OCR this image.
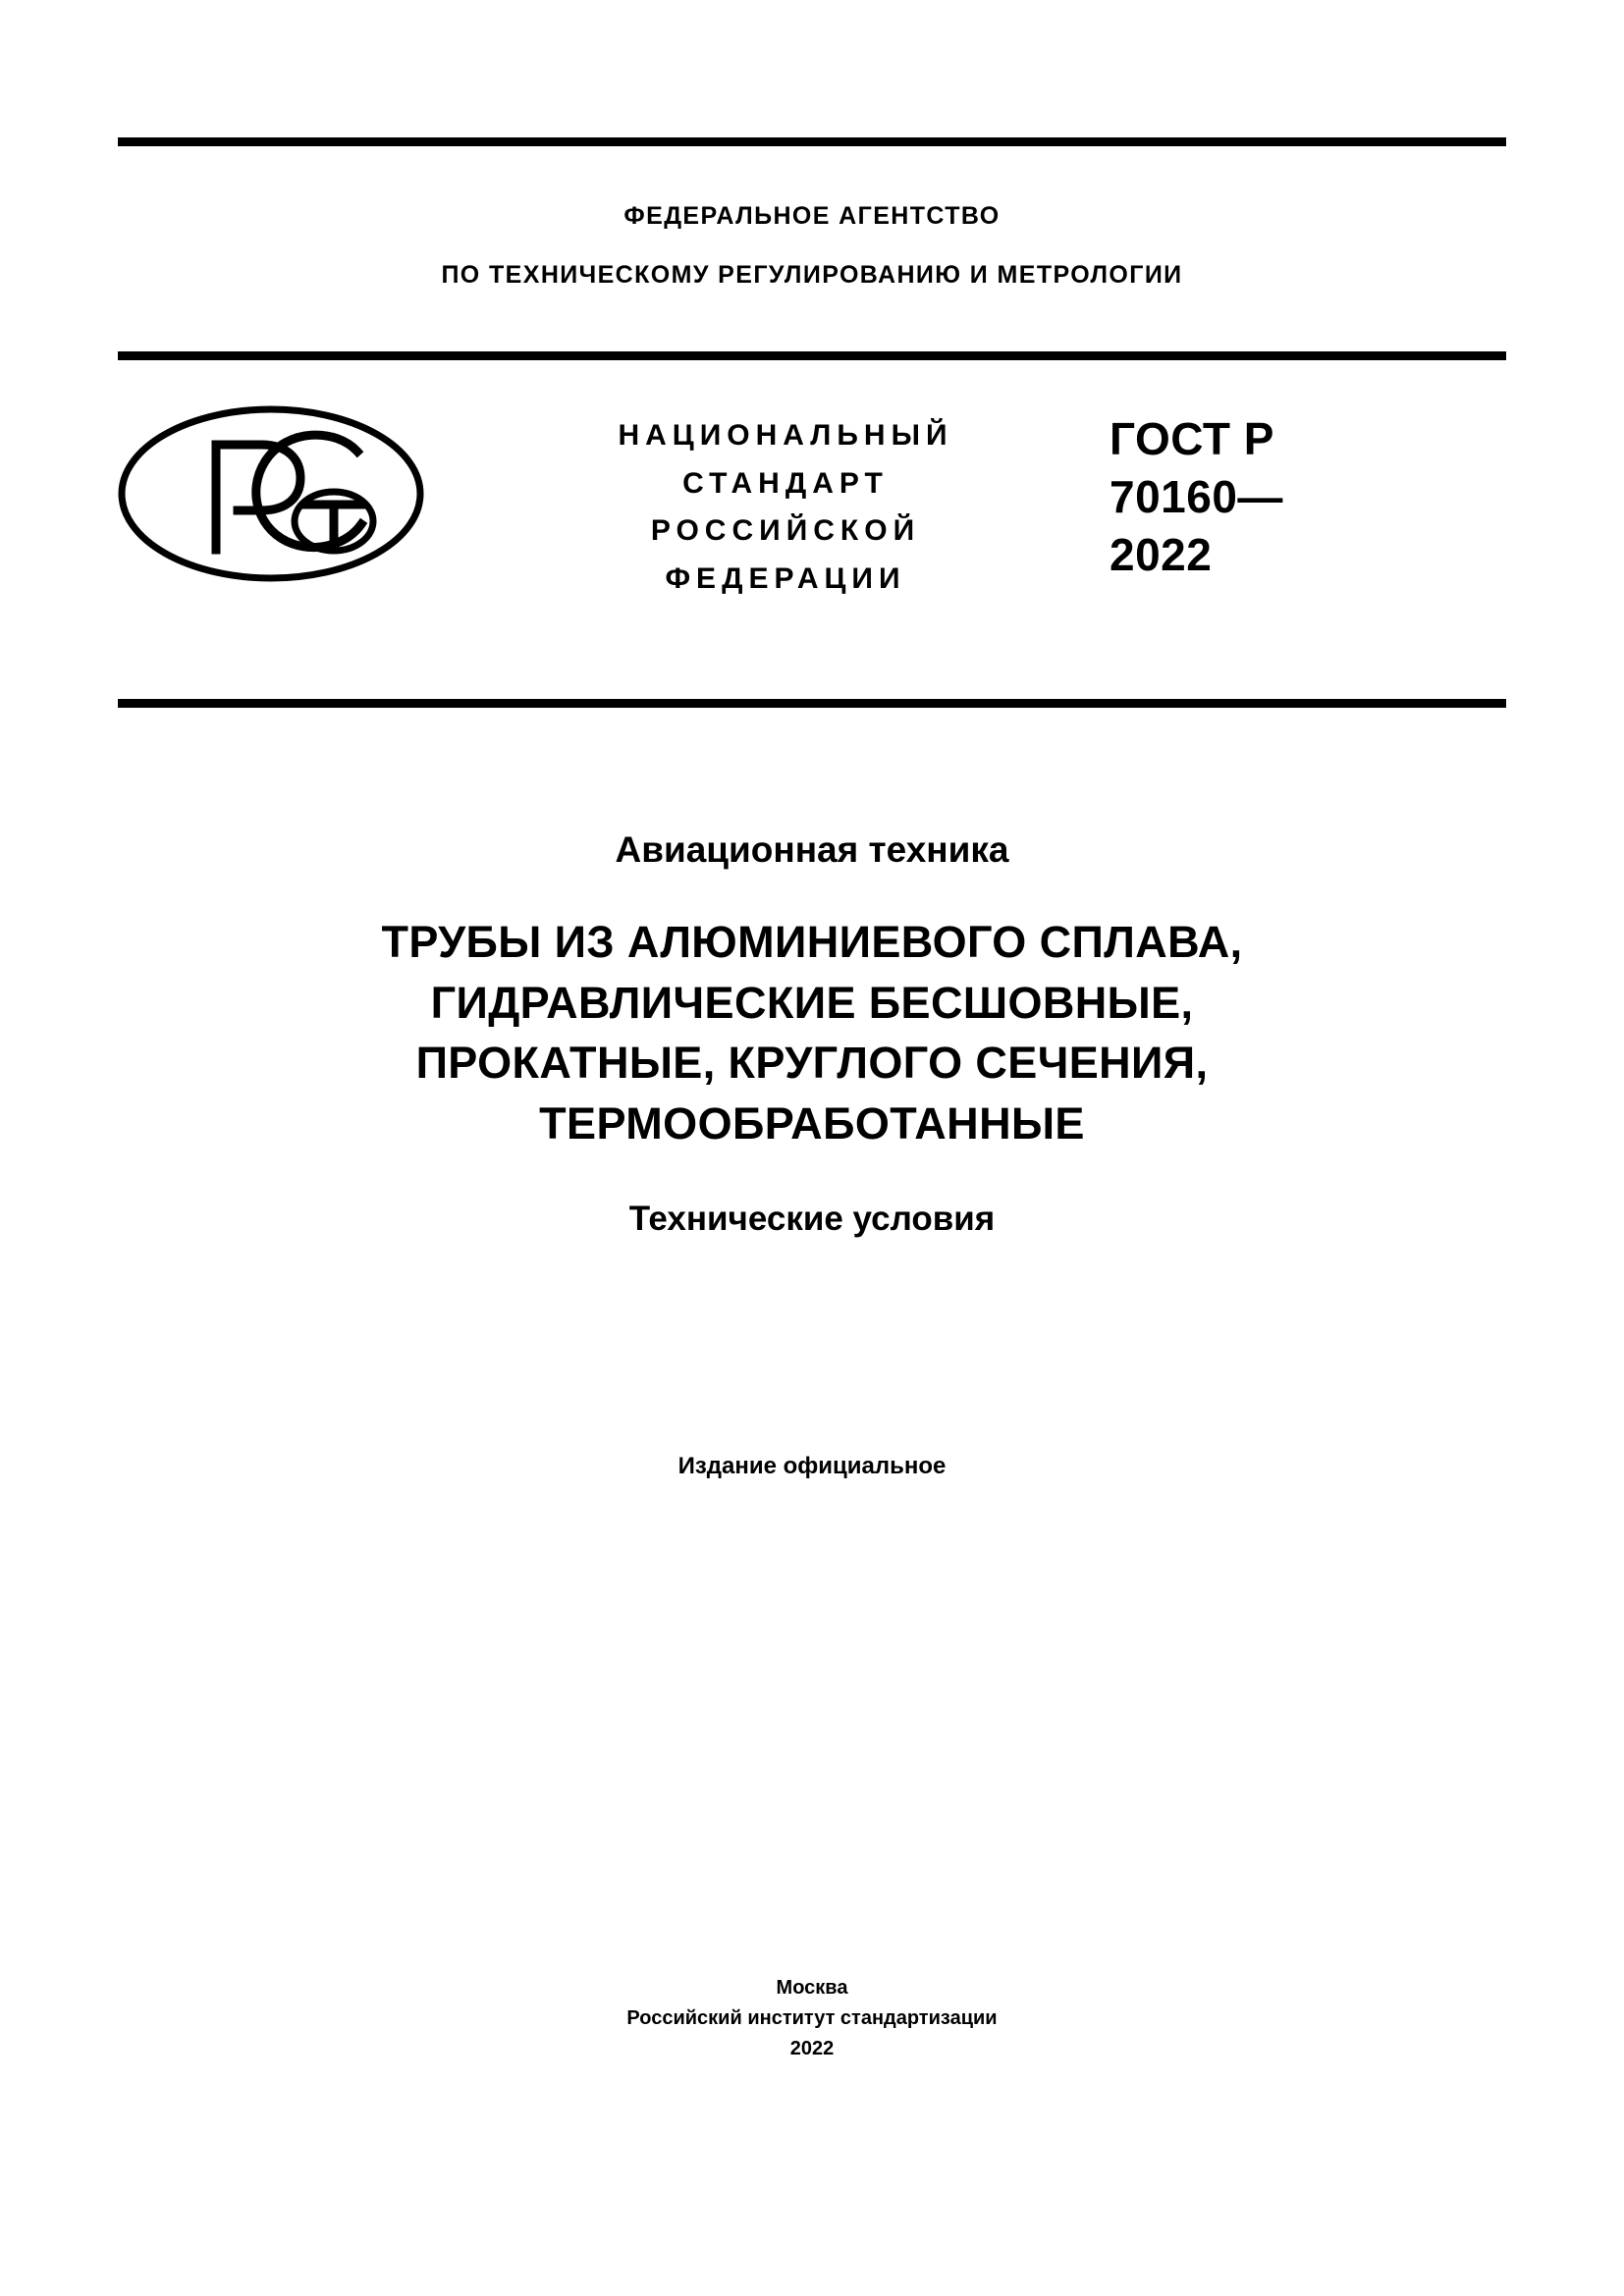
ФЕДЕРАЛЬНОЕ АГЕНТСТВО
ПО ТЕХНИЧЕСКОМУ РЕГУЛИРОВАНИЮ И МЕТРОЛОГИИ
НАЦИОНАЛЬНЫЙ
СТАНДАРТ
РОССИЙСКОЙ
ФЕДЕРАЦИИ
ГОСТ Р
70160—
2022
Авиационная техника
ТРУБЫ ИЗ АЛЮМИНИЕВОГО СПЛАВА,
ГИДРАВЛИЧЕСКИЕ БЕСШОВНЫЕ,
ПРОКАТНЫЕ, КРУГЛОГО СЕЧЕНИЯ,
ТЕРМООБРАБОТАННЫЕ
Технические условия
Издание официальное
Москва
Российский институт стандартизации
2022
